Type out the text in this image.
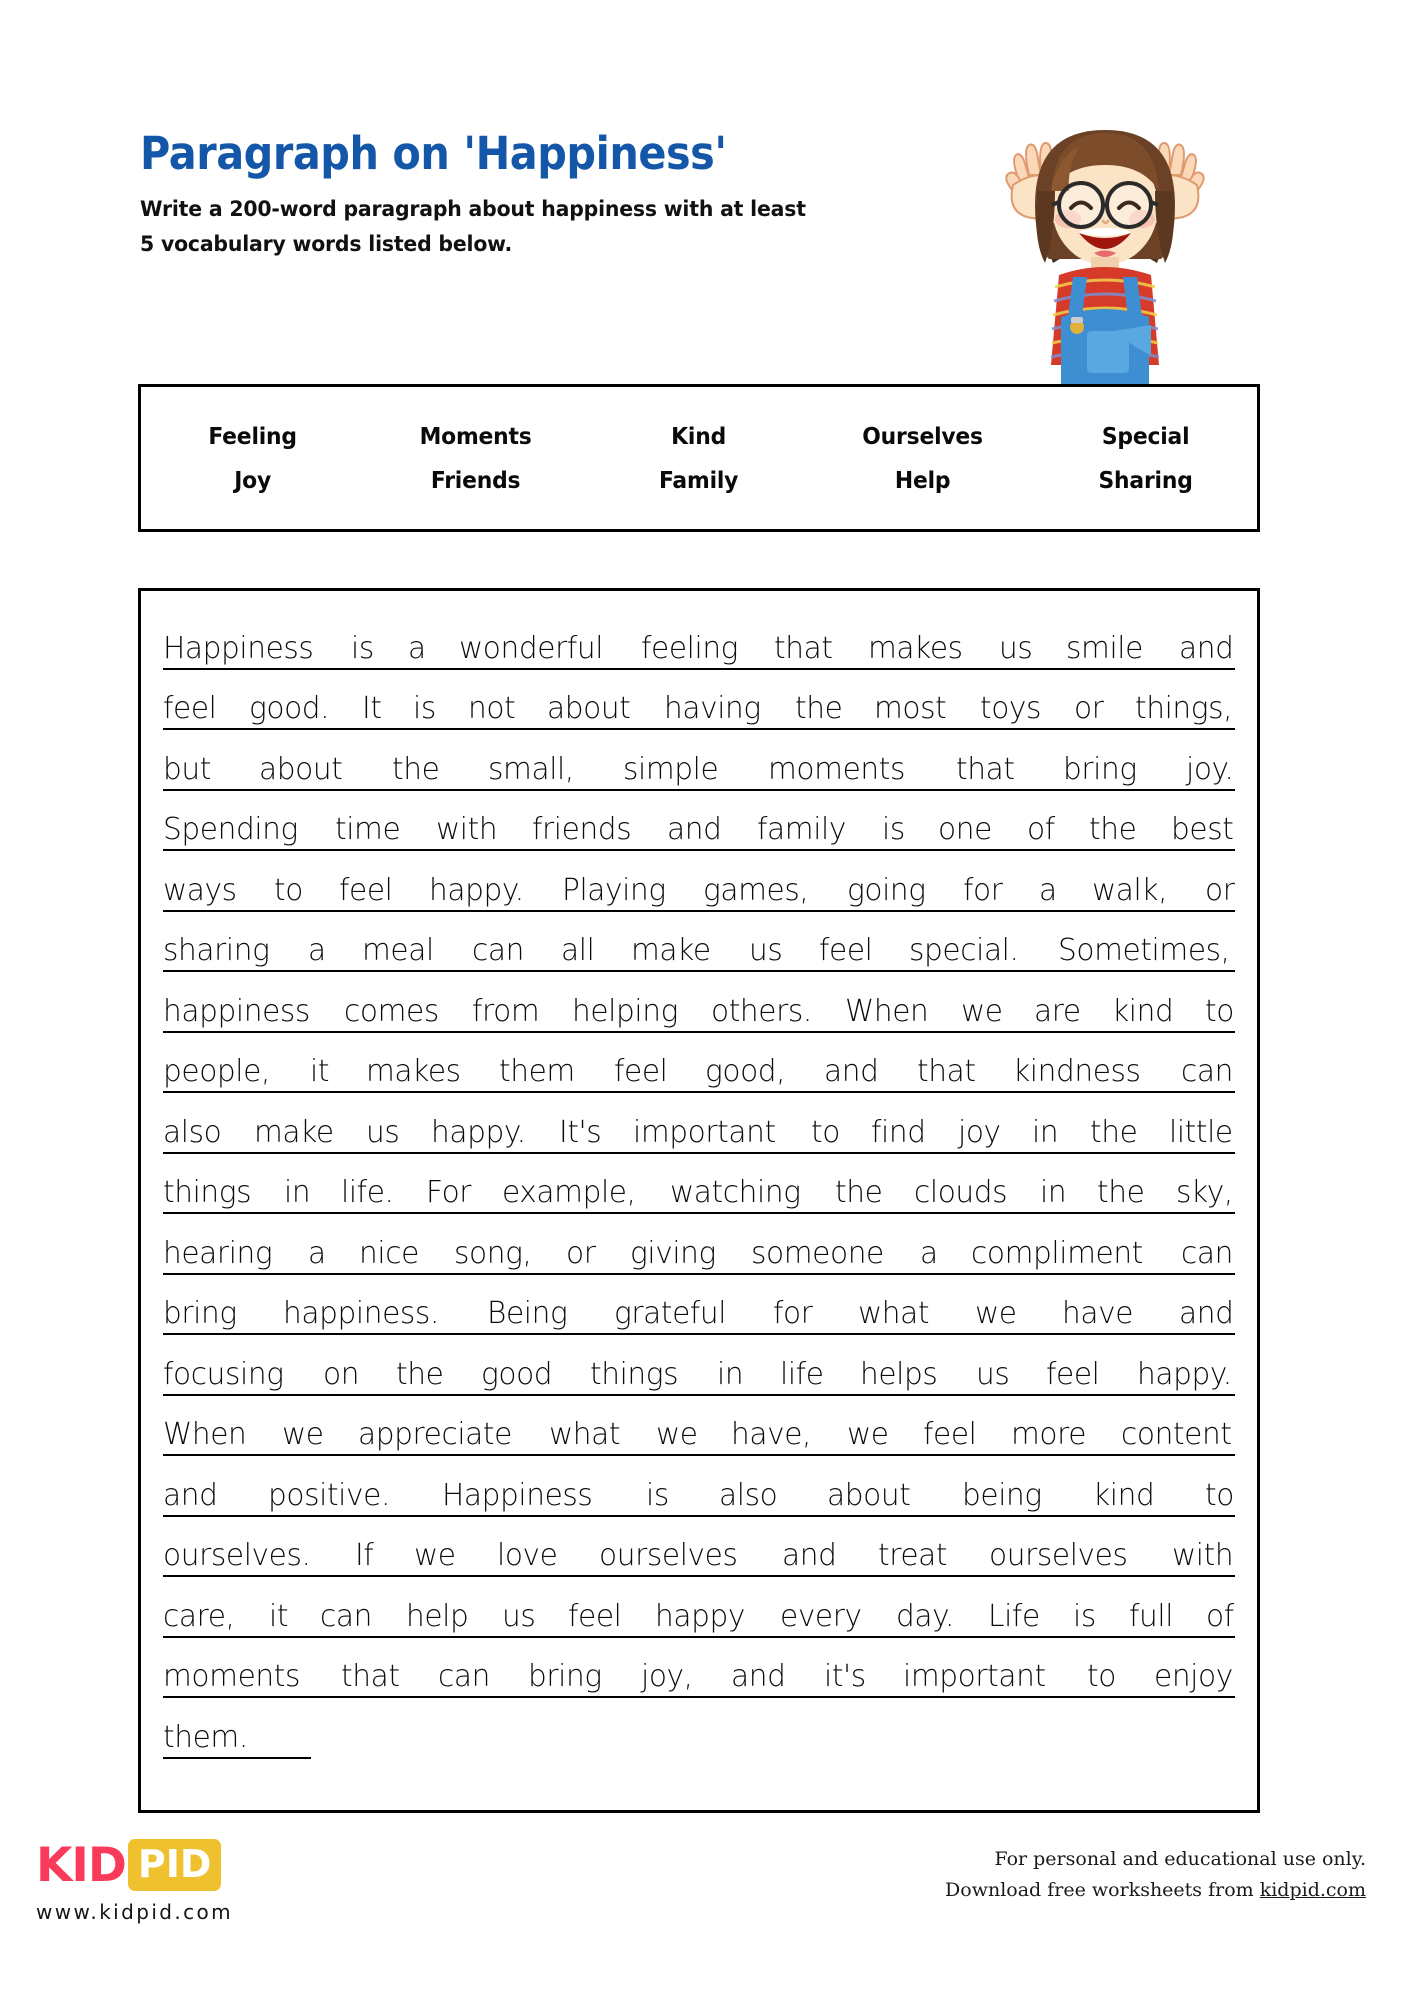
Paragraph on 'Happiness'
Write a 200-word paragraph about happiness with at least
5 vocabulary words listed below.
Feeling	Moments	Kind	Ourselves	Special
Joy	Friends	Family	Help	Sharing
Happiness is a wonderful feeling that makes us smile and
feel good. It is not about having the most toys or things,
but about the small, simple moments that bring joy.
Spending time with friends and family is one of the best
ways to feel happy. Playing games, going for a walk, or
sharing a meal can all make us feel special. Sometimes,
happiness comes from helping others. When we are kind to
people, it makes them feel good, and that kindness can
also make us happy. It's important to find joy in the little
things in life. For example, watching the clouds in the sky,
hearing a nice song, or giving someone a compliment can
bring happiness. Being grateful for what we have and
focusing on the good things in life helps us feel happy.
When we appreciate what we have, we feel more content
and positive. Happiness is also about being kind to
ourselves. If we love ourselves and treat ourselves with
care, it can help us feel happy every day. Life is full of
moments that can bring joy, and it's important to enjoy
them.
KID PID
www.kidpid.com
For personal and educational use only.
Download free worksheets from kidpid.com
